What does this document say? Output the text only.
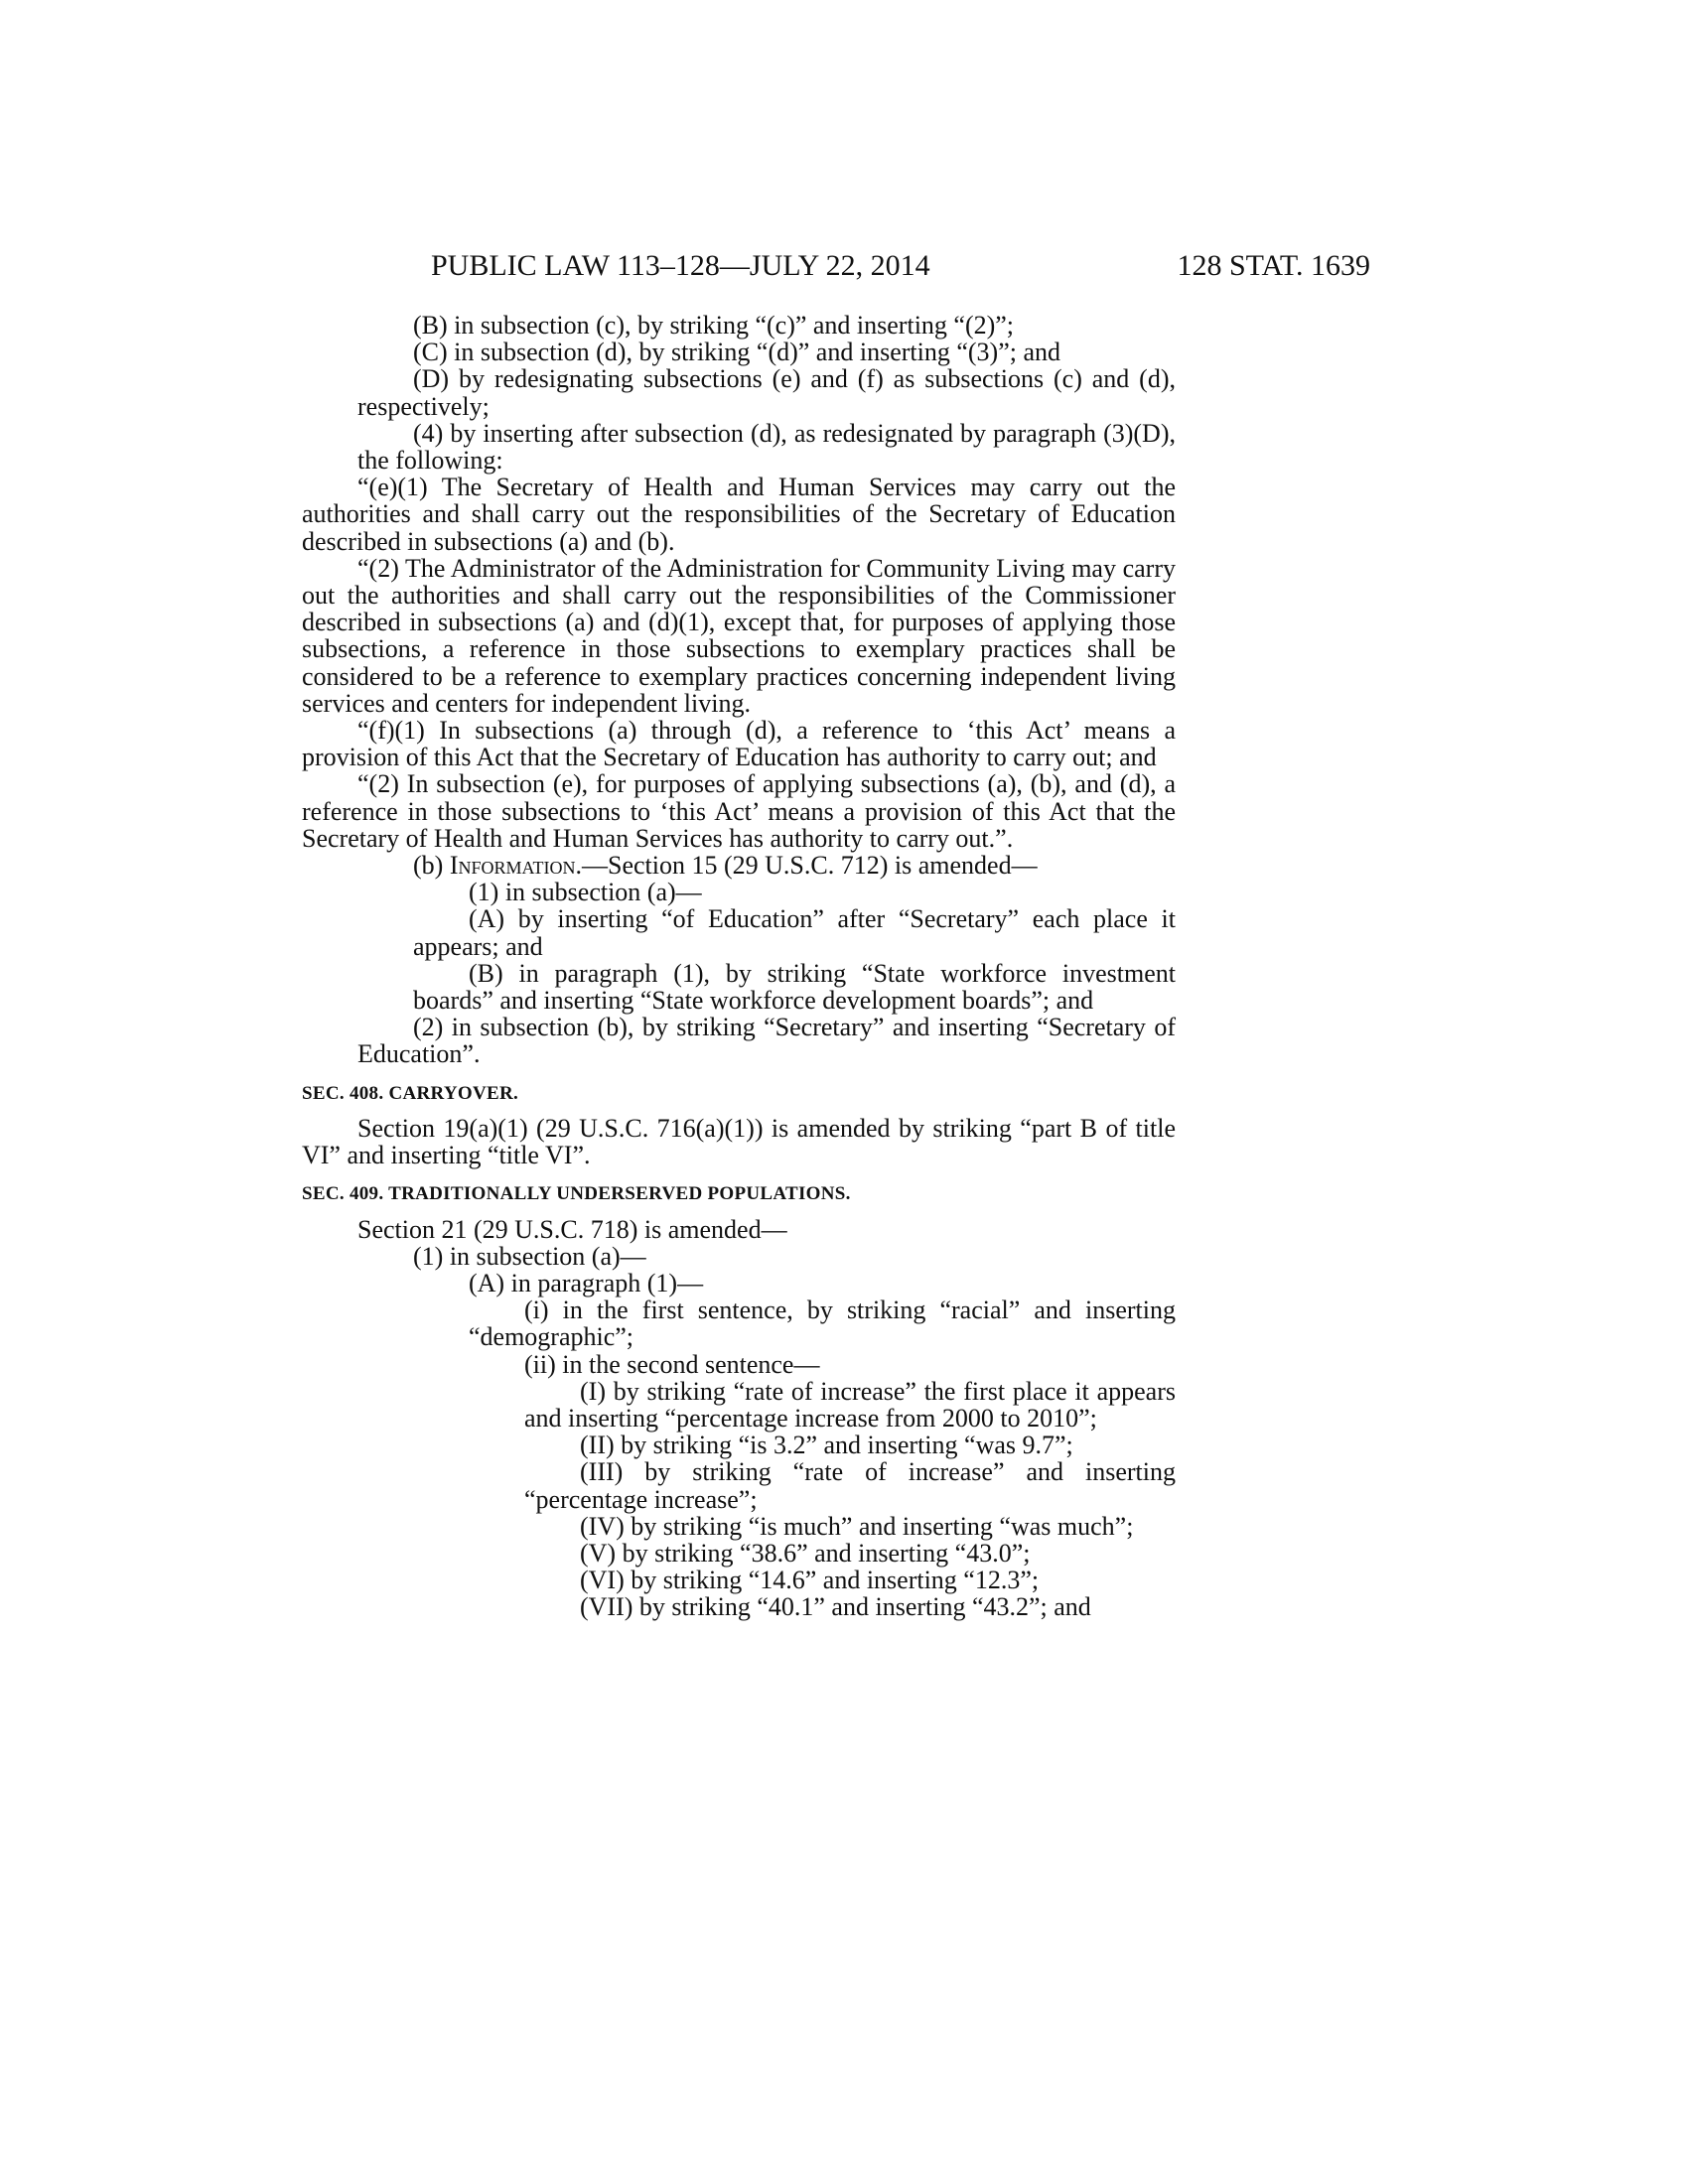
PUBLIC LAW 113–128—JULY 22, 2014	128 STAT. 1639

(B) in subsection (c), by striking “(c)” and inserting “(2)”;

(C) in subsection (d), by striking “(d)” and inserting “(3)”; and

(D) by redesignating subsections (e) and (f) as subsections (c) and (d), respectively;

(4) by inserting after subsection (d), as redesignated by paragraph (3)(D), the following:

“(e)(1) The Secretary of Health and Human Services may carry out the authorities and shall carry out the responsibilities of the Secretary of Education described in subsections (a) and (b).

“(2) The Administrator of the Administration for Community Living may carry out the authorities and shall carry out the responsibilities of the Commissioner described in subsections (a) and (d)(1), except that, for purposes of applying those subsections, a reference in those subsections to exemplary practices shall be considered to be a reference to exemplary practices concerning independent living services and centers for independent living.

“(f)(1) In subsections (a) through (d), a reference to ‘this Act’ means a provision of this Act that the Secretary of Education has authority to carry out; and

“(2) In subsection (e), for purposes of applying subsections (a), (b), and (d), a reference in those subsections to ‘this Act’ means a provision of this Act that the Secretary of Health and Human Services has authority to carry out.”.

(b) Information.—Section 15 (29 U.S.C. 712) is amended—

(1) in subsection (a)—

(A) by inserting “of Education” after “Secretary” each place it appears; and

(B) in paragraph (1), by striking “State workforce investment boards” and inserting “State workforce development boards”; and

(2) in subsection (b), by striking “Secretary” and inserting “Secretary of Education”.

SEC. 408. CARRYOVER.

Section 19(a)(1) (29 U.S.C. 716(a)(1)) is amended by striking “part B of title VI” and inserting “title VI”.

SEC. 409. TRADITIONALLY UNDERSERVED POPULATIONS.

Section 21 (29 U.S.C. 718) is amended—

(1) in subsection (a)—

(A) in paragraph (1)—

(i) in the first sentence, by striking “racial” and inserting “demographic”;

(ii) in the second sentence—

(I) by striking “rate of increase” the first place it appears and inserting “percentage increase from 2000 to 2010”;

(II) by striking “is 3.2” and inserting “was 9.7”;

(III) by striking “rate of increase” and inserting “percentage increase”;

(IV) by striking “is much” and inserting “was much”;

(V) by striking “38.6” and inserting “43.0”;

(VI) by striking “14.6” and inserting “12.3”;

(VII) by striking “40.1” and inserting “43.2”; and
